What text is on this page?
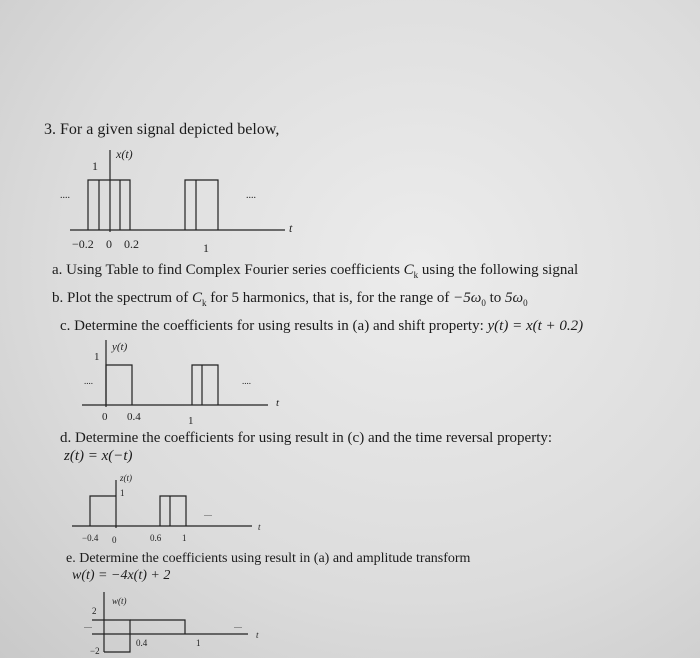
3. For a given signal depicted below,
−0.2 0 0.2	1
1
x(t)
t
....	....
a. Using Table to find Complex Fourier series coefficients $C_k$ using the following signal
b. Plot the spectrum of $C_k$ for 5 harmonics, that is, for the range of $-5\omega_0$ to $5\omega_0$
c. Determine the coefficients for using results in (a) and shift property: y(t) = x(t + 0.2)
0 0.4	1
1
y(t)
t
....	....
d. Determine the coefficients for using result in (c) and the time reversal property:
z(t) = x(−t)
−0.4 0	0.6 1
1
z(t)
t
....
e. Determine the coefficients using result in (a) and amplitude transform
w(t) = −4x(t) + 2
0.4	1
2
−2
w(t)
t
....	....
